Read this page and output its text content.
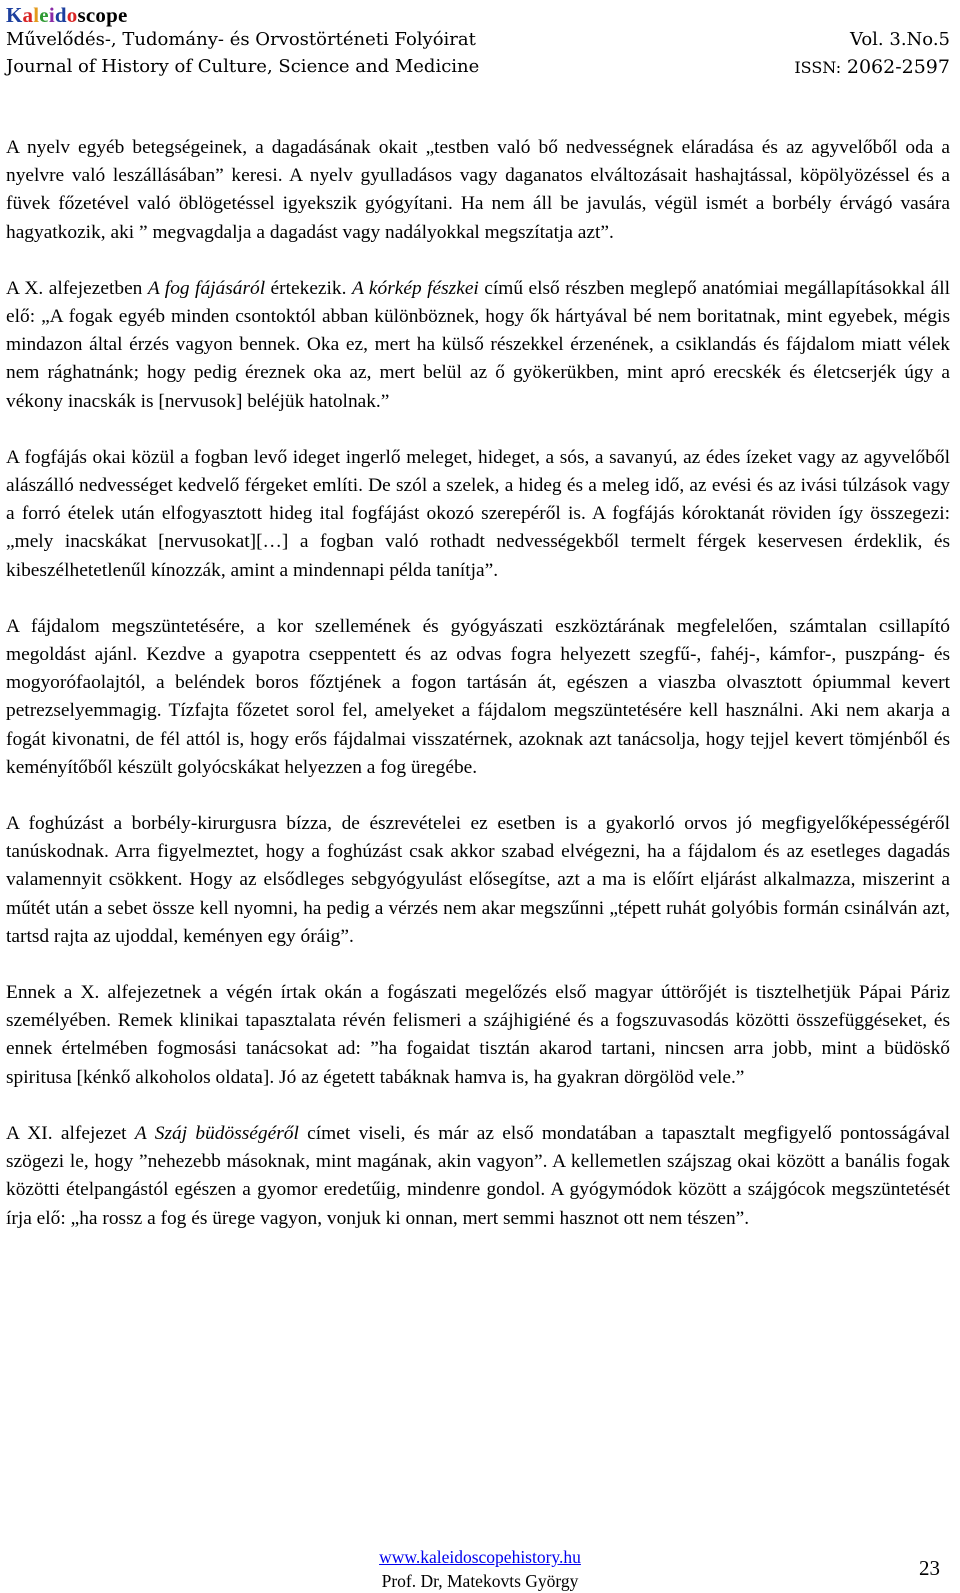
Kaleidoscope
Művelődés-, Tudomány- és Orvostörténeti Folyóirat	Vol. 3.No.5
Journal of History of Culture, Science and Medicine	ISSN: 2062-2597

A nyelv egyéb betegségeinek, a dagadásának okait „testben való bő nedvességnek eláradása és az agyvelőből oda a nyelvre való leszállásában” keresi. A nyelv gyulladásos vagy daganatos elváltozásait hashajtással, köpölyözéssel és a füvek főzetével való öblögetéssel igyekszik gyógyítani. Ha nem áll be javulás, végül ismét a borbély érvágó vasára hagyatkozik, aki ” megvagdalja a dagadást vagy nadályokkal megszítatja azt”.

A X. alfejezetben A fog fájásáról értekezik. A kórkép fészkei című első részben meglepő anatómiai megállapításokkal áll elő: „A fogak egyéb minden csontoktól abban különböznek, hogy ők hártyával bé nem boritatnak, mint egyebek, mégis mindazon által érzés vagyon bennek. Oka ez, mert ha külső részekkel érzenének, a csiklandás és fájdalom miatt vélek nem rághatnánk; hogy pedig éreznek oka az, mert belül az ő gyökerükben, mint apró erecskék és életcserjék úgy a vékony inacskák is [nervusok] beléjük hatolnak.”

A fogfájás okai közül a fogban levő ideget ingerlő meleget, hideget, a sós, a savanyú, az édes ízeket vagy az agyvelőből alászálló nedvességet kedvelő férgeket említi. De szól a szelek, a hideg és a meleg idő, az evési és az ivási túlzások vagy a forró ételek után elfogyasztott hideg ital fogfájást okozó szerepéről is. A fogfájás kóroktanát röviden így összegezi: „mely inacskákat [nervusokat][…] a fogban való rothadt nedvességekből termelt férgek keservesen érdeklik, és kibeszélhetetlenűl kínozzák, amint a mindennapi példa tanítja”.

A fájdalom megszüntetésére, a kor szellemének és gyógyászati eszköztárának megfelelően, számtalan csillapító megoldást ajánl. Kezdve a gyapotra cseppentett és az odvas fogra helyezett szegfű-, fahéj-, kámfor-, puszpáng- és mogyorófaolajtól, a beléndek boros főztjének a fogon tartásán át, egészen a viaszba olvasztott ópiummal kevert petrezselyemmagig. Tízfajta főzetet sorol fel, amelyeket a fájdalom megszüntetésére kell használni. Aki nem akarja a fogát kivonatni, de fél attól is, hogy erős fájdalmai visszatérnek, azoknak azt tanácsolja, hogy tejjel kevert tömjénből és keményítőből készült golyócskákat helyezzen a fog üregébe.

A foghúzást a borbély-kirurgusra bízza, de észrevételei ez esetben is a gyakorló orvos jó megfigyelőképességéről tanúskodnak. Arra figyelmeztet, hogy a foghúzást csak akkor szabad elvégezni, ha a fájdalom és az esetleges dagadás valamennyit csökkent. Hogy az elsődleges sebgyógyulást elősegítse, azt a ma is előírt eljárást alkalmazza, miszerint a műtét után a sebet össze kell nyomni, ha pedig a vérzés nem akar megszűnni „tépett ruhát golyóbis formán csinálván azt, tartsd rajta az ujoddal, keményen egy óráig”.

Ennek a X. alfejezetnek a végén írtak okán a fogászati megelőzés első magyar úttörőjét is tisztelhetjük Pápai Páriz személyében. Remek klinikai tapasztalata révén felismeri a szájhigiéné és a fogszuvasodás közötti összefüggéseket, és ennek értelmében fogmosási tanácsokat ad: ”ha fogaidat tisztán akarod tartani, nincsen arra jobb, mint a büdöskő spiritusa [kénkő alkoholos oldata]. Jó az égetett tabáknak hamva is, ha gyakran dörgölöd vele.”

A XI. alfejezet A Száj büdösségéről címet viseli, és már az első mondatában a tapasztalt megfigyelő pontosságával szögezi le, hogy ”nehezebb másoknak, mint magának, akin vagyon”. A kellemetlen szájszag okai között a banális fogak közötti ételpangástól egészen a gyomor eredetűig, mindenre gondol. A gyógymódok között a szájgócok megszüntetését írja elő: „ha rossz a fog és ürege vagyon, vonjuk ki onnan, mert semmi hasznot ott nem tészen”.

www.kaleidoscopehistory.hu
Prof. Dr, Matekovts György
23
